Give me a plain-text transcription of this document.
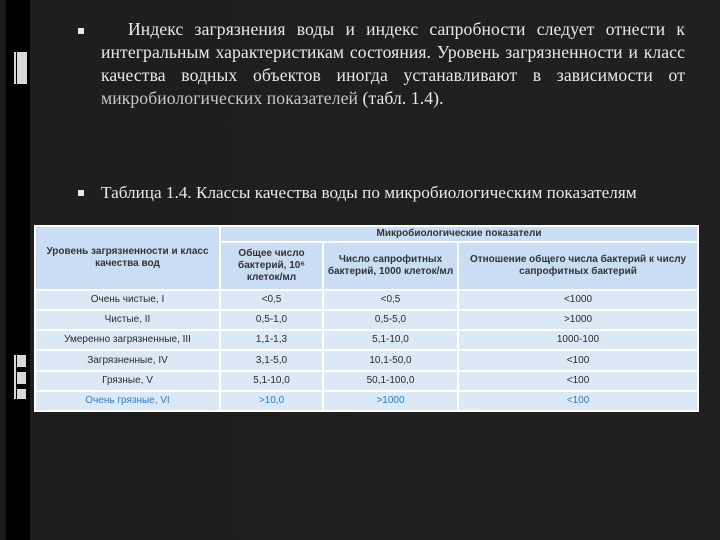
Индекс загрязнения воды и индекс сапробности следует отнести к интегральным характеристикам состояния. Уровень загрязненности и класс качества водных объектов иногда устанавливают в зависимости от микробиологических показателей (табл. 1.4).
Таблица 1.4. Классы качества воды по микробиологическим показателям
Уровень загрязненности и класс качества вод	Микробиологические показатели		
	Общее число бактерий, 10⁶ клеток/мл	Число сапрофитных бактерий, 1000 клеток/мл	Отношение общего числа бактерий к числу сапрофитных бактерий
Очень чистые, I	<0,5	<0,5	<1000
Чистые, II	0,5-1,0	0,5-5,0	>1000
Умеренно загрязненные, III	1,1-1,3	5,1-10,0	1000-100
Загрязненные, IV	3,1-5,0	10,1-50,0	<100
Грязные, V	5,1-10,0	50,1-100,0	<100
Очень грязные, VI	>10,0	>1000	<100
